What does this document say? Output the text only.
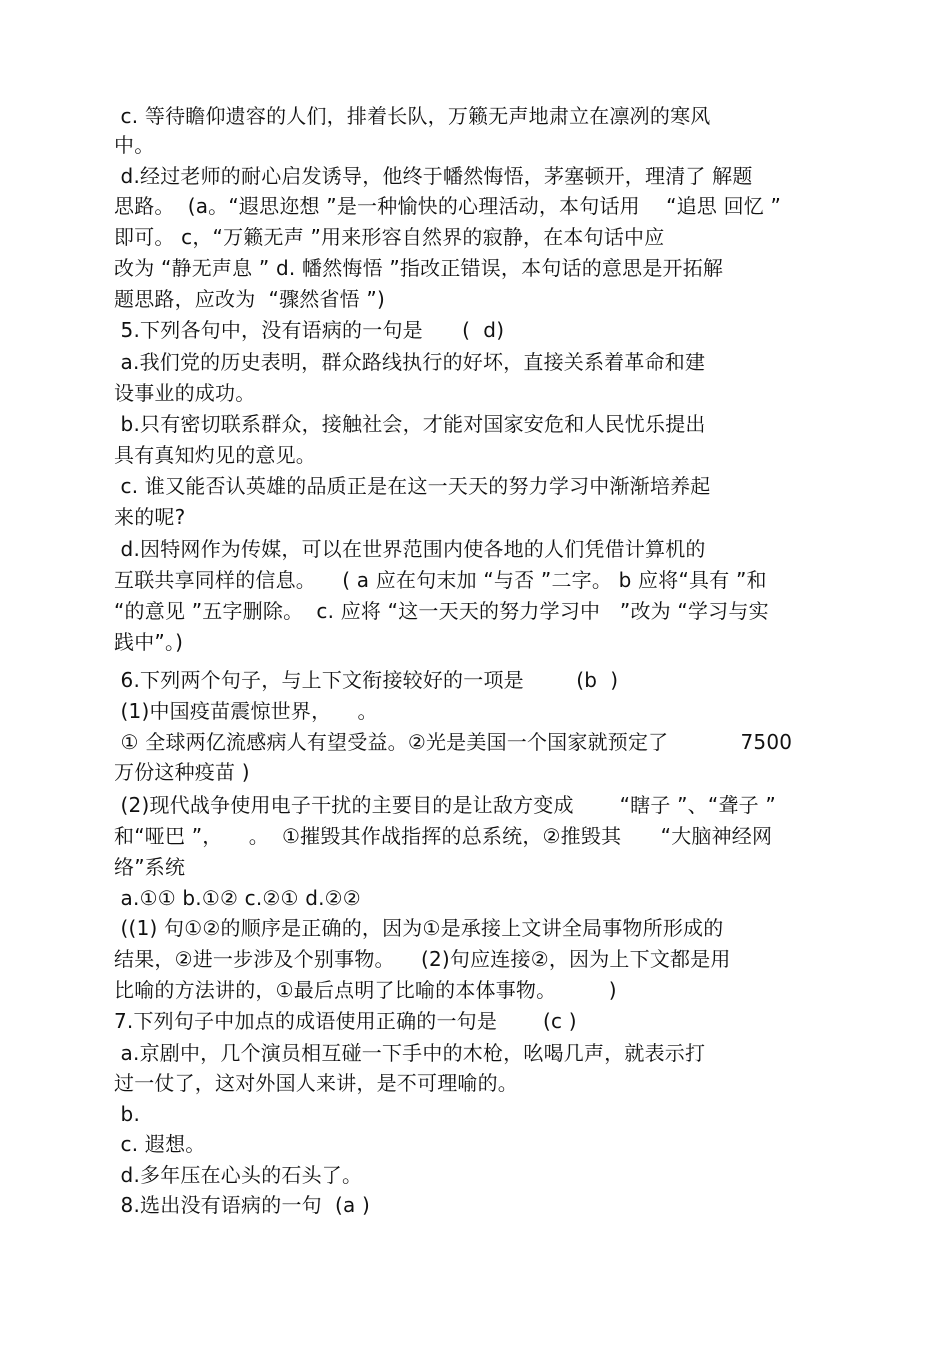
c. 等待瞻仰遗容的人们，排着长队，万籁无声地肃立在凛冽的寒风
中。
d.经过老师的耐心启发诱导，他终于幡然悔悟，茅塞顿开，理清了 解题
思路。  (a。“遐思迩想 ”是一种愉快的心理活动，本句话用    “追思 回忆 ”
即可。 c，“万籁无声 ”用来形容自然界的寂静，在本句话中应
改为 “静无声息 ” d. 幡然悔悟 ”指改正错误，本句话的意思是开拓解
题思路，应改为  “骤然省悟 ”)
5.下列各句中，没有语病的一句是      (  d)
a.我们党的历史表明，群众路线执行的好坏，直接关系着革命和建
设事业的成功。
b.只有密切联系群众，接触社会，才能对国家安危和人民忧乐提出
具有真知灼见的意见。
c. 谁又能否认英雄的品质正是在这一天天的努力学习中渐渐培养起
来的呢?
d.因特网作为传媒，可以在世界范围内使各地的人们凭借计算机的
互联共享同样的信息。    ( a 应在句末加 “与否 ”二字。 b 应将“具有 ”和
“的意见 ”五字删除。  c. 应将 “这一天天的努力学习中   ”改为 “学习与实
践中”。)
6.下列两个句子，与上下文衔接较好的一项是        (b  )
(1)中国疫苗震惊世界，    。
① 全球两亿流感病人有望受益。②光是美国一个国家就预定了           7500
万份这种疫苗 )
(2)现代战争使用电子干扰的主要目的是让敌方变成       “瞎子 ”、“聋子 ”
和“哑巴 ”，    。  ①摧毁其作战指挥的总系统，②推毁其      “大脑神经网
络”系统
a.①① b.①② c.②① d.②②
((1) 句①②的顺序是正确的，因为①是承接上文讲全局事物所形成的
结果，②进一步涉及个别事物。    (2)句应连接②，因为上下文都是用
比喻的方法讲的，①最后点明了比喻的本体事物。        )
7.下列句子中加点的成语使用正确的一句是       (c )
a.京剧中，几个演员相互碰一下手中的木枪，吆喝几声，就表示打
过一仗了，这对外国人来讲，是不可理喻的。
b.
c. 遐想。
d.多年压在心头的石头了。
8.选出没有语病的一句  (a )
